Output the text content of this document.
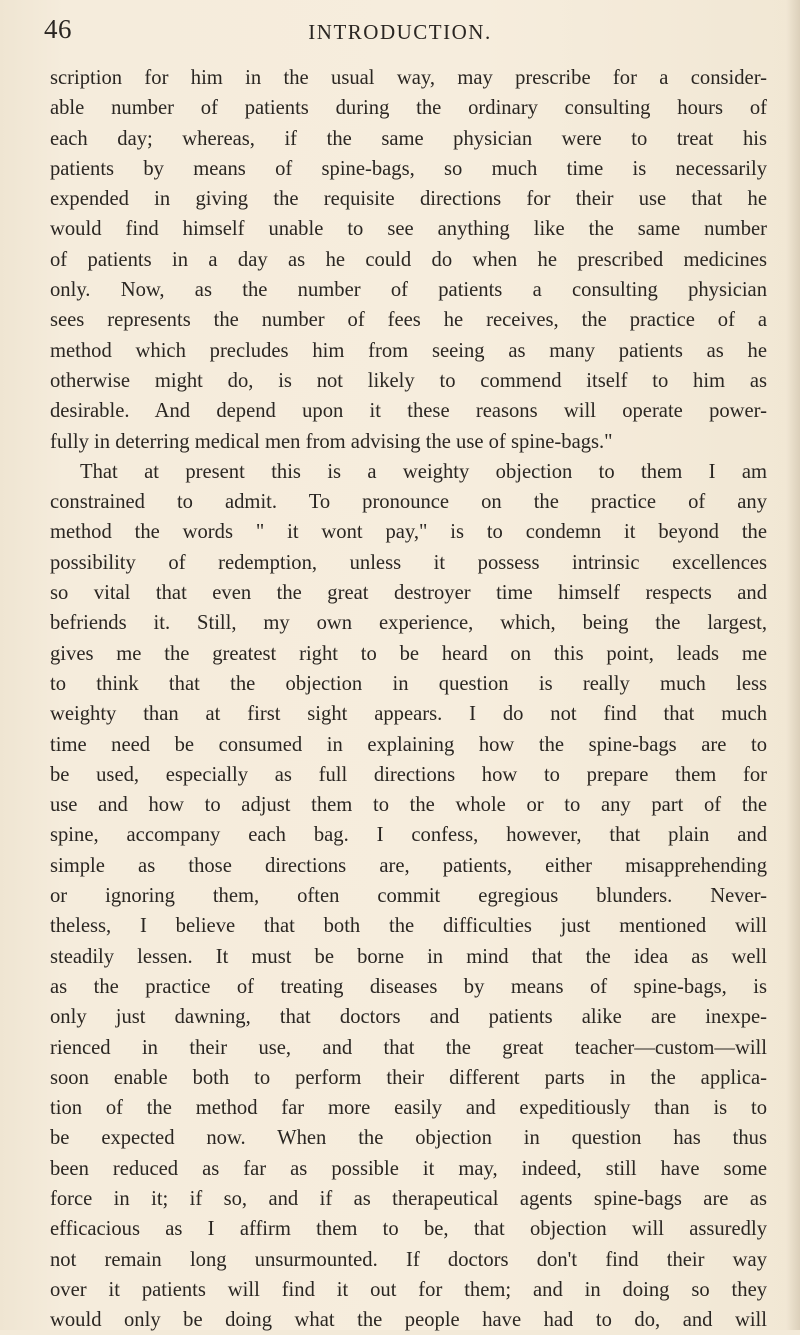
46	INTRODUCTION.
scription for him in the usual way, may prescribe for a consider-
able number of patients during the ordinary consulting hours of
each day; whereas, if the same physician were to treat his
patients by means of spine-bags, so much time is necessarily
expended in giving the requisite directions for their use that he
would find himself unable to see anything like the same number
of patients in a day as he could do when he prescribed medicines
only. Now, as the number of patients a consulting physician
sees represents the number of fees he receives, the practice of a
method which precludes him from seeing as many patients as he
otherwise might do, is not likely to commend itself to him as
desirable. And depend upon it these reasons will operate power-
fully in deterring medical men from advising the use of spine-bags."
That at present this is a weighty objection to them I am
constrained to admit. To pronounce on the practice of any
method the words " it wont pay," is to condemn it beyond the
possibility of redemption, unless it possess intrinsic excellences
so vital that even the great destroyer time himself respects and
befriends it. Still, my own experience, which, being the largest,
gives me the greatest right to be heard on this point, leads me
to think that the objection in question is really much less
weighty than at first sight appears. I do not find that much
time need be consumed in explaining how the spine-bags are to
be used, especially as full directions how to prepare them for
use and how to adjust them to the whole or to any part of the
spine, accompany each bag. I confess, however, that plain and
simple as those directions are, patients, either misapprehending
or ignoring them, often commit egregious blunders. Never-
theless, I believe that both the difficulties just mentioned will
steadily lessen. It must be borne in mind that the idea as well
as the practice of treating diseases by means of spine-bags, is
only just dawning, that doctors and patients alike are inexpe-
rienced in their use, and that the great teacher—custom—will
soon enable both to perform their different parts in the applica-
tion of the method far more easily and expeditiously than is to
be expected now. When the objection in question has thus
been reduced as far as possible it may, indeed, still have some
force in it; if so, and if as therapeutical agents spine-bags are as
efficacious as I affirm them to be, that objection will assuredly
not remain long unsurmounted. If doctors don't find their way
over it patients will find it out for them; and in doing so they
would only be doing what the people have had to do, and will
